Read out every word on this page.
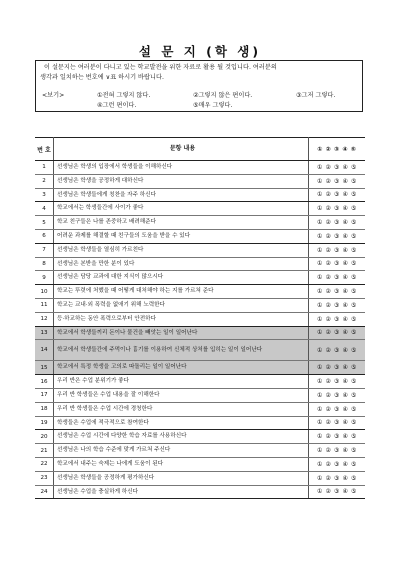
설 문 지 (학 생)
이 설문지는 여러분이 다니고 있는 학교발전을 위한 자료로 활용 될 것입니다. 여러분의
생각과 일치하는 번호에 ∨표 하시기 바랍니다.
<보기>	①전혀 그렇지 않다.	②그렇지 않은 편이다.	③그저 그렇다.
④그런 편이다.	⑤매우 그렇다.
번 호	문항 내용	① ② ③ ④ ⑤
1	선생님은 학생의 입장에서 학생들을 이해하신다	① ② ③ ④ ⑤
2	선생님은 학생을 공정하게 대하신다	① ② ③ ④ ⑤
3	선생님은 학생들에게 칭찬을 자주 하신다	① ② ③ ④ ⑤
4	학교에서는 학생들간에 사이가 좋다	① ② ③ ④ ⑤
5	학교 친구들은 나를 존중하고 배려해준다	① ② ③ ④ ⑤
6	어려운 과제를 해결할 때 친구들의 도움을 받을 수 있다	① ② ③ ④ ⑤
7	선생님은 학생들을 열심히 가르친다	① ② ③ ④ ⑤
8	선생님은 본받을 만한 분이 있다	① ② ③ ④ ⑤
9	선생님은 담당 교과에 대한 지식이 많으시다	① ② ③ ④ ⑤
10	학교는 뚜렷에 처했을 때 어떻게 대처해야 하는 지를 가르쳐 준다	① ② ③ ④ ⑤
11	학교는 교내·외 폭력을 없애기 위해 노력한다	① ② ③ ④ ⑤
12	등·하교하는 동안 폭력으로부터 안전하다	① ② ③ ④ ⑤
13	학교에서 학생들끼리 돈이나 물건을 빼앗는 일이 일어난다	① ② ③ ④ ⑤
14	학교에서 학생들간에 주먹이나 흉기를 이용하여 신체적 상처를 입히는 일이 일어난다	① ② ③ ④ ⑤
15	학교에서 특정 학생을 고의로 따돌리는 일이 일어난다	① ② ③ ④ ⑤
16	우리 반은 수업 분위기가 좋다	① ② ③ ④ ⑤
17	우리 반 학생들은 수업 내용을 잘 이해한다	① ② ③ ④ ⑤
18	우리 반 학생들은 수업 시간에 경청한다	① ② ③ ④ ⑤
19	학생들은 수업에 적극적으로 참여한다	① ② ③ ④ ⑤
20	선생님은 수업 시간에 다양한 학습 자료를 사용하신다	① ② ③ ④ ⑤
21	선생님은 나의 학습 수준에 맞게 가르쳐 주신다	① ② ③ ④ ⑤
22	학교에서 내주는 숙제는 나에게 도움이 된다	① ② ③ ④ ⑤
23	선생님은 학생들을 공정하게 평가하신다	① ② ③ ④ ⑤
24	선생님은 수업을 충실하게 하신다	① ② ③ ④ ⑤
